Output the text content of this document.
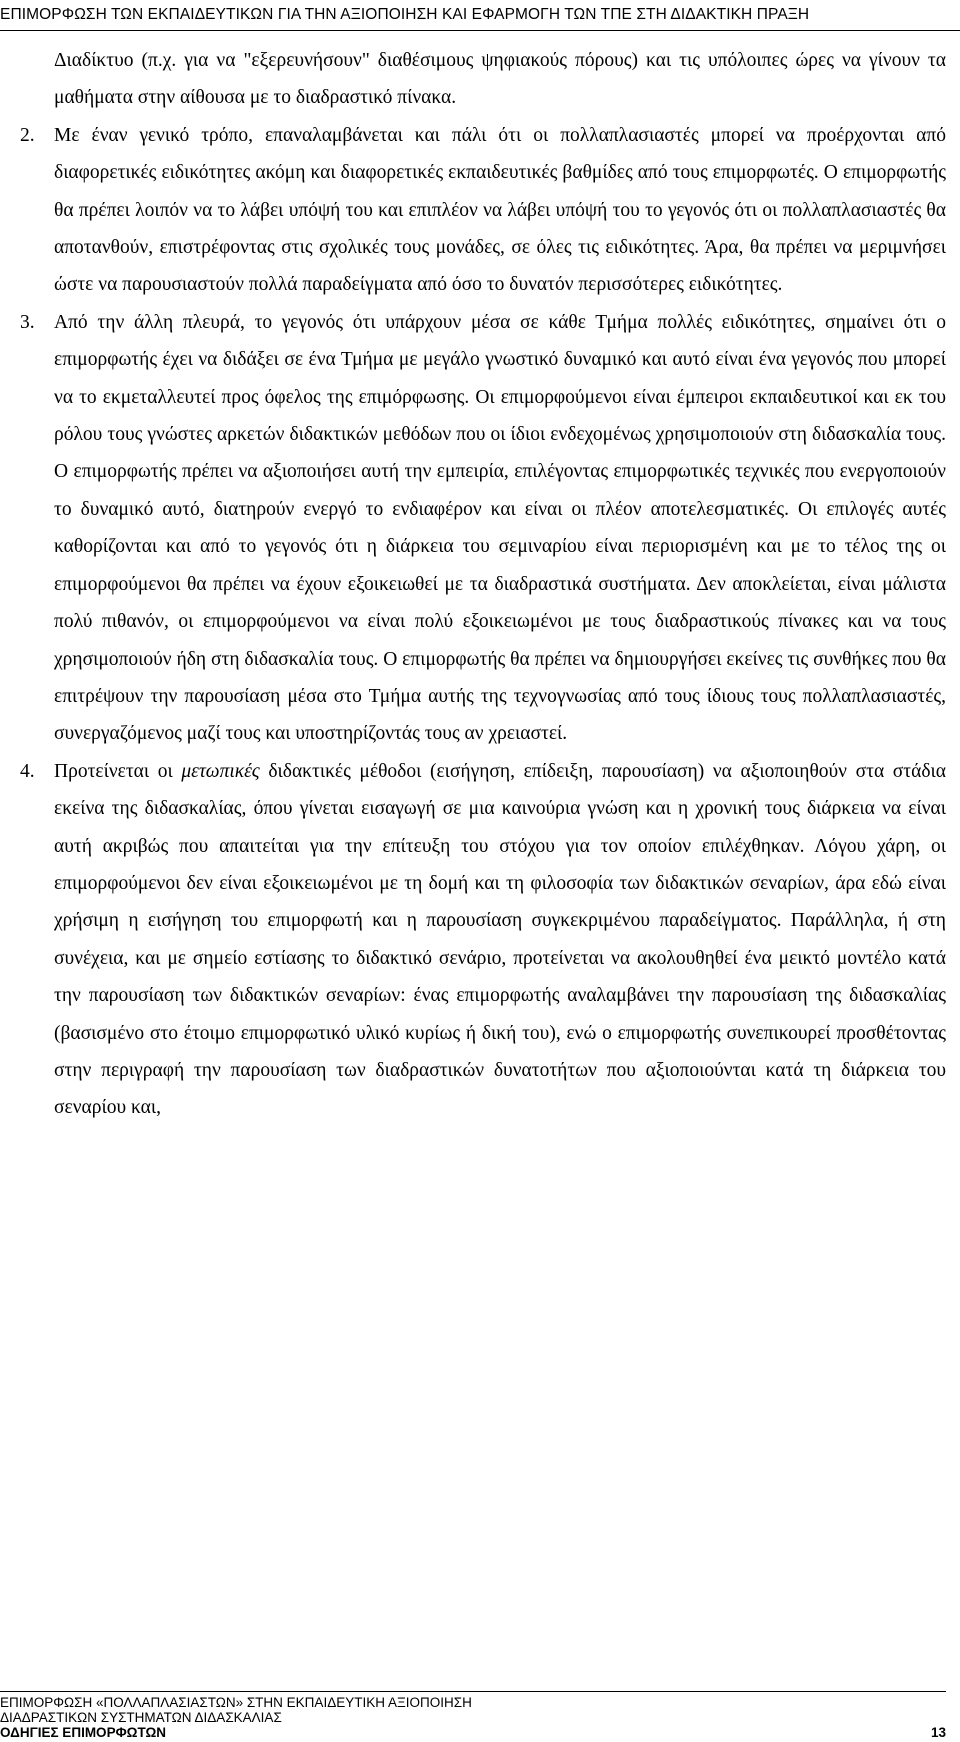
ΕΠΙΜΟΡΦΩΣΗ ΤΩΝ ΕΚΠΑΙΔΕΥΤΙΚΩΝ ΓΙΑ ΤΗΝ ΑΞΙΟΠΟΙΗΣΗ ΚΑΙ ΕΦΑΡΜΟΓΗ ΤΩΝ ΤΠΕ ΣΤΗ ΔΙΔΑΚΤΙΚΗ ΠΡΑΞΗ

Διαδίκτυο (π.χ. για να "εξερευνήσουν" διαθέσιμους ψηφιακούς πόρους) και τις υπόλοιπες ώρες να γίνουν τα μαθήματα στην αίθουσα με το διαδραστικό πίνακα.

2. Με έναν γενικό τρόπο, επαναλαμβάνεται και πάλι ότι οι πολλαπλασιαστές μπορεί να προέρχονται από διαφορετικές ειδικότητες ακόμη και διαφορετικές εκπαιδευτικές βαθμίδες από τους επιμορφωτές. Ο επιμορφωτής θα πρέπει λοιπόν να το λάβει υπόψή του και επιπλέον να λάβει υπόψή του το γεγονός ότι οι πολλαπλασιαστές θα αποτανθούν, επιστρέφοντας στις σχολικές τους μονάδες, σε όλες τις ειδικότητες. Άρα, θα πρέπει να μεριμνήσει ώστε να παρουσιαστούν πολλά παραδείγματα από όσο το δυνατόν περισσότερες ειδικότητες.

3. Από την άλλη πλευρά, το γεγονός ότι υπάρχουν μέσα σε κάθε Τμήμα πολλές ειδικότητες, σημαίνει ότι ο επιμορφωτής έχει να διδάξει σε ένα Τμήμα με μεγάλο γνωστικό δυναμικό και αυτό είναι ένα γεγονός που μπορεί να το εκμεταλλευτεί προς όφελος της επιμόρφωσης. Οι επιμορφούμενοι είναι έμπειροι εκπαιδευτικοί και εκ του ρόλου τους γνώστες αρκετών διδακτικών μεθόδων που οι ίδιοι ενδεχομένως χρησιμοποιούν στη διδασκαλία τους. Ο επιμορφωτής πρέπει να αξιοποιήσει αυτή την εμπειρία, επιλέγοντας επιμορφωτικές τεχνικές που ενεργοποιούν το δυναμικό αυτό, διατηρούν ενεργό το ενδιαφέρον και είναι οι πλέον αποτελεσματικές. Οι επιλογές αυτές καθορίζονται και από το γεγονός ότι η διάρκεια του σεμιναρίου είναι περιορισμένη και με το τέλος της οι επιμορφούμενοι θα πρέπει να έχουν εξοικειωθεί με τα διαδραστικά συστήματα. Δεν αποκλείεται, είναι μάλιστα πολύ πιθανόν, οι επιμορφούμενοι να είναι πολύ εξοικειωμένοι με τους διαδραστικούς πίνακες και να τους χρησιμοποιούν ήδη στη διδασκαλία τους. Ο επιμορφωτής θα πρέπει να δημιουργήσει εκείνες τις συνθήκες που θα επιτρέψουν την παρουσίαση μέσα στο Τμήμα αυτής της τεχνογνωσίας από τους ίδιους τους πολλαπλασιαστές, συνεργαζόμενος μαζί τους και υποστηρίζοντάς τους αν χρειαστεί.

4. Προτείνεται οι μετωπικές διδακτικές μέθοδοι (εισήγηση, επίδειξη, παρουσίαση) να αξιοποιηθούν στα στάδια εκείνα της διδασκαλίας, όπου γίνεται εισαγωγή σε μια καινούρια γνώση και η χρονική τους διάρκεια να είναι αυτή ακριβώς που απαιτείται για την επίτευξη του στόχου για τον οποίον επιλέχθηκαν. Λόγου χάρη, οι επιμορφούμενοι δεν είναι εξοικειωμένοι με τη δομή και τη φιλοσοφία των διδακτικών σεναρίων, άρα εδώ είναι χρήσιμη η εισήγηση του επιμορφωτή και η παρουσίαση συγκεκριμένου παραδείγματος. Παράλληλα, ή στη συνέχεια, και με σημείο εστίασης το διδακτικό σενάριο, προτείνεται να ακολουθηθεί ένα μεικτό μοντέλο κατά την παρουσίαση των διδακτικών σεναρίων: ένας επιμορφωτής αναλαμβάνει την παρουσίαση της διδασκαλίας (βασισμένο στο έτοιμο επιμορφωτικό υλικό κυρίως ή δική του), ενώ ο επιμορφωτής συνεπικουρεί προσθέτοντας στην περιγραφή την παρουσίαση των διαδραστικών δυνατοτήτων που αξιοποιούνται κατά τη διάρκεια του σεναρίου και,

ΕΠΙΜΟΡΦΩΣΗ «ΠΟΛΛΑΠΛΑΣΙΑΣΤΩΝ» ΣΤΗΝ ΕΚΠΑΙΔΕΥΤΙΚΗ ΑΞΙΟΠΟΙΗΣΗ
ΔΙΑΔΡΑΣΤΙΚΩΝ ΣΥΣΤΗΜΑΤΩΝ ΔΙΔΑΣΚΑΛΙΑΣ
ΟΔΗΓΙΕΣ ΕΠΙΜΟΡΦΩΤΩΝ	13
